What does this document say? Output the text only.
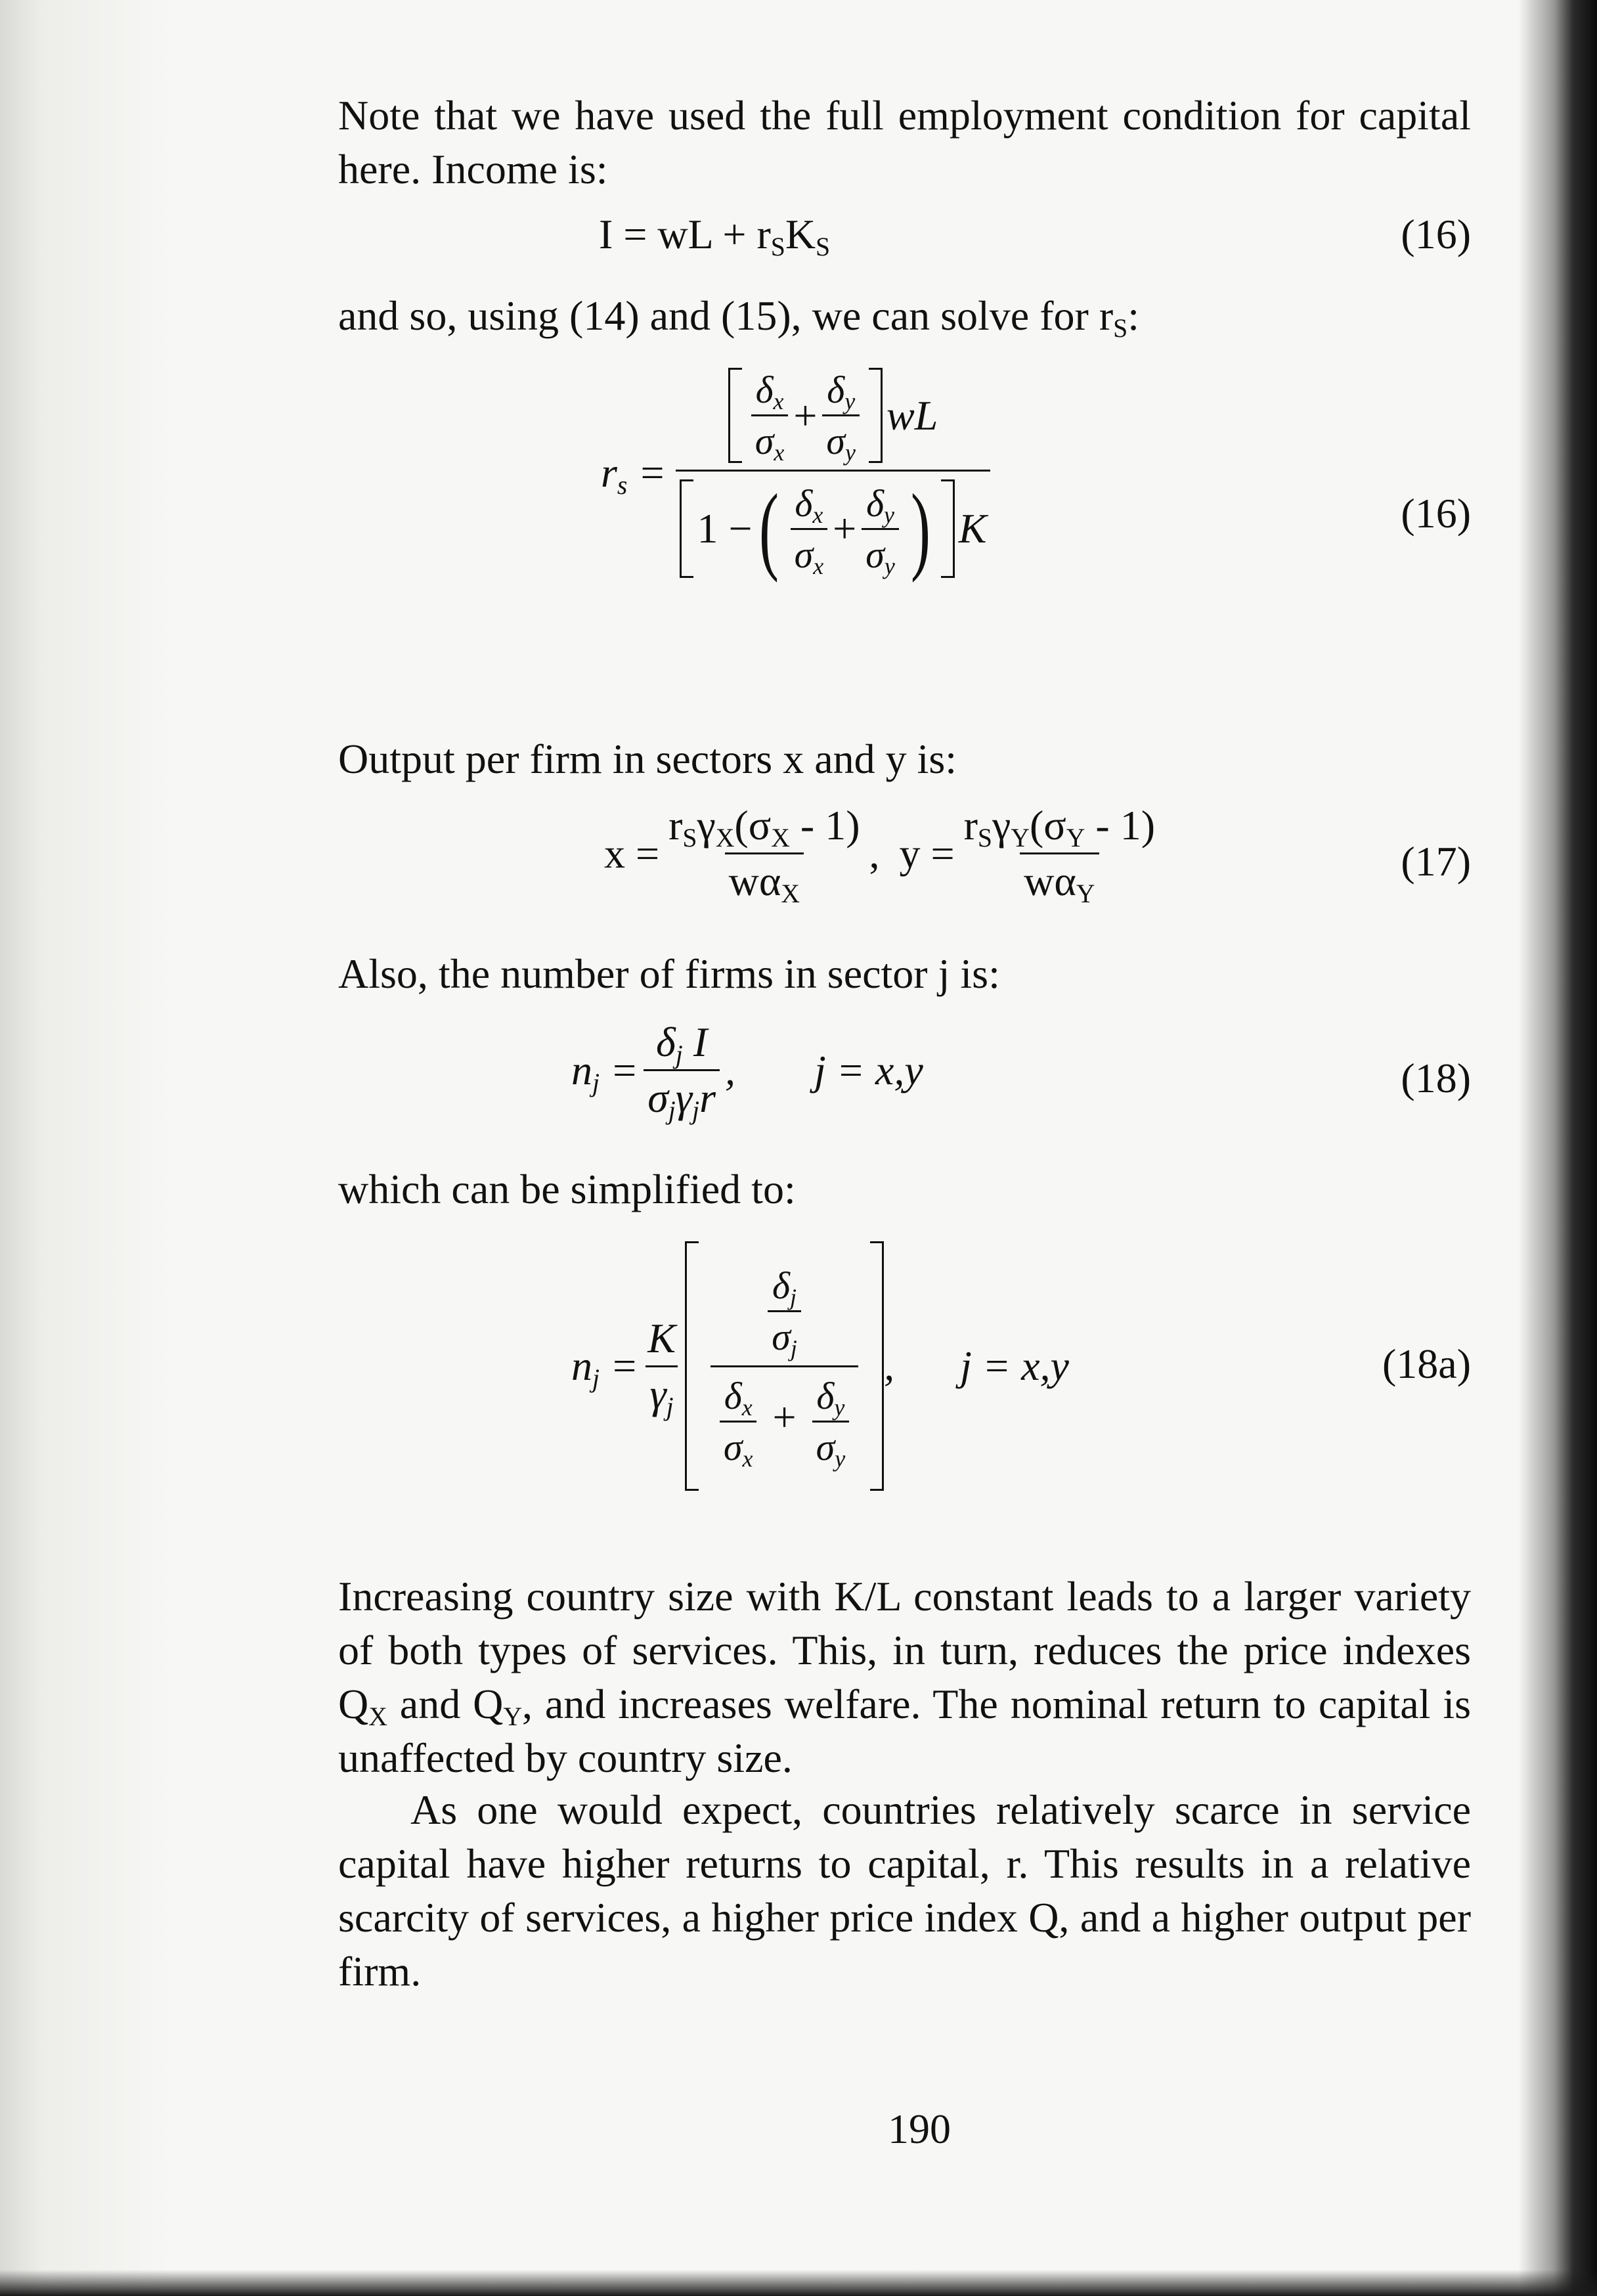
Note that we have used the full employment condition for capital here. Income is:
I = wL + $r_SK_S$	(16)
and so, using (14) and (15), we can solve for $r_S$:
$r_s$ =
$\frac{\delta_x}{\sigma_x} + \frac{\delta_y}{\sigma_y}$ wL
1 − ( $\frac{\delta_x}{\sigma_x} + \frac{\delta_y}{\sigma_y}$ ) K	(16)
Output per firm in sectors x and y is:
$x = \frac{r_S\gamma_X(\sigma_X - 1)}{w\alpha_X}$ , $y = \frac{r_S\gamma_Y(\sigma_Y - 1)}{w\alpha_Y}$	(17)
Also, the number of firms in sector j is:
$n_j = \frac{\delta_j I}{\sigma_j\gamma_jr}$ , j = x,y	(18)
which can be simplified to:
$n_j = \frac{K}{\gamma_j} \frac{\frac{\delta_j}{\sigma_j}}{\frac{\delta_x}{\sigma_x} + \frac{\delta_y}{\sigma_y}}$ , j = x,y	(18a)
Increasing country size with K/L constant leads to a larger variety of both types of services. This, in turn, reduces the price indexes $Q_X$ and $Q_Y$, and increases welfare. The nominal return to capital is unaffected by country size.
As one would expect, countries relatively scarce in service capital have higher returns to capital, r. This results in a relative scarcity of services, a higher price index Q, and a higher output per firm.
190
